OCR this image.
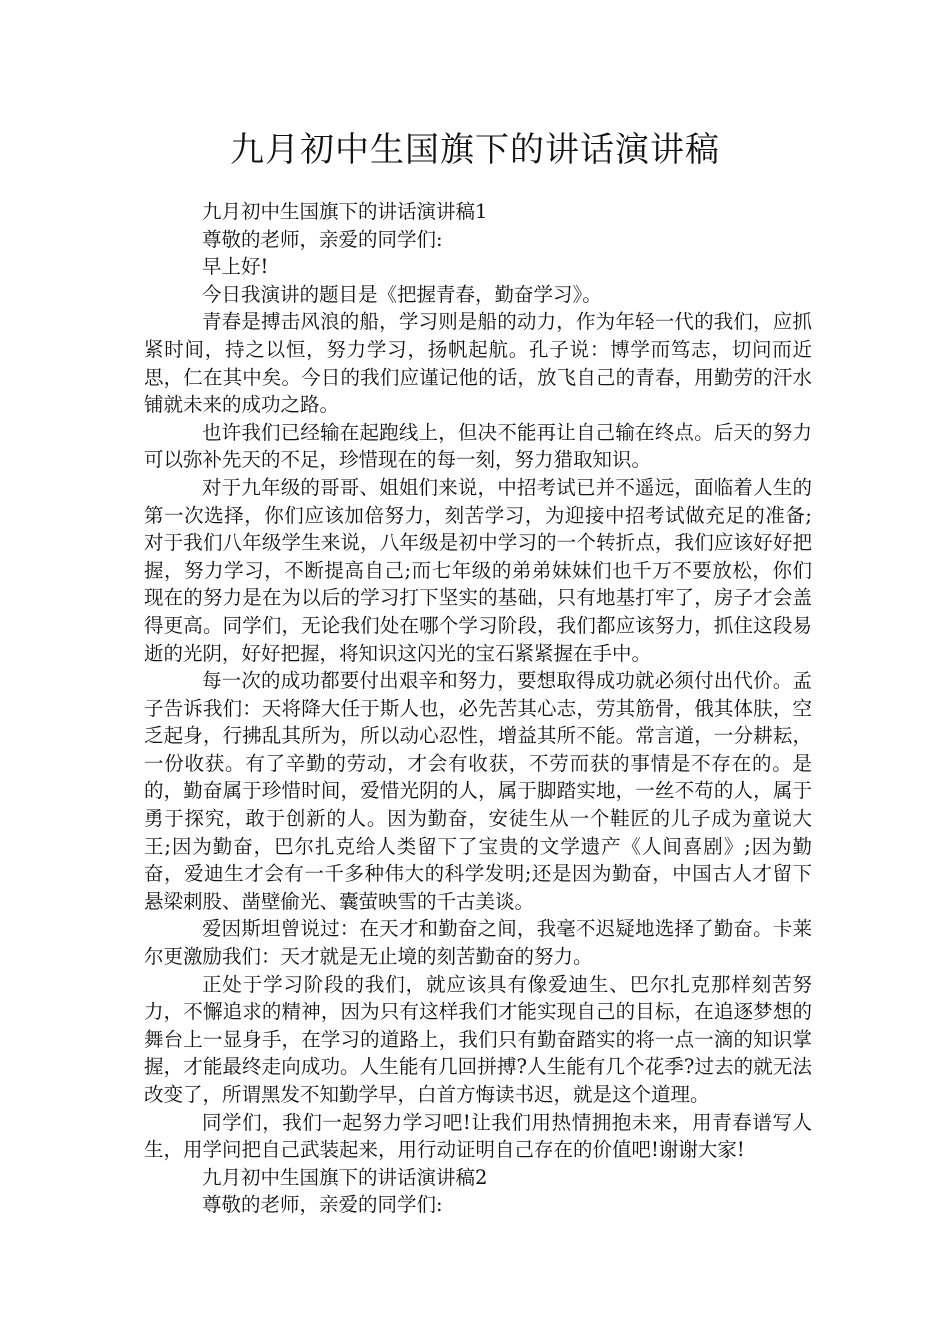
九月初中生国旗下的讲话演讲稿

九月初中生国旗下的讲话演讲稿1

尊敬的老师，亲爱的同学们:

早上好!

今日我演讲的题目是《把握青春，勤奋学习》。

青春是搏击风浪的船，学习则是船的动力，作为年轻一代的我们，应抓紧时间，持之以恒，努力学习，扬帆起航。孔子说：博学而笃志，切问而近思，仁在其中矣。今日的我们应谨记他的话，放飞自己的青春，用勤劳的汗水铺就未来的成功之路。

也许我们已经输在起跑线上，但决不能再让自己输在终点。后天的努力可以弥补先天的不足，珍惜现在的每一刻，努力猎取知识。

对于九年级的哥哥、姐姐们来说，中招考试已并不遥远，面临着人生的第一次选择，你们应该加倍努力，刻苦学习，为迎接中招考试做充足的准备;对于我们八年级学生来说，八年级是初中学习的一个转折点，我们应该好好把握，努力学习，不断提高自己;而七年级的弟弟妹妹们也千万不要放松，你们现在的努力是在为以后的学习打下坚实的基础，只有地基打牢了，房子才会盖得更高。同学们，无论我们处在哪个学习阶段，我们都应该努力，抓住这段易逝的光阴，好好把握，将知识这闪光的宝石紧紧握在手中。

每一次的成功都要付出艰辛和努力，要想取得成功就必须付出代价。孟子告诉我们：天将降大任于斯人也，必先苦其心志，劳其筋骨，俄其体肤，空乏起身，行拂乱其所为，所以动心忍性，增益其所不能。常言道，一分耕耘，一份收获。有了辛勤的劳动，才会有收获，不劳而获的事情是不存在的。是的，勤奋属于珍惜时间，爱惜光阴的人，属于脚踏实地，一丝不苟的人，属于勇于探究，敢于创新的人。因为勤奋，安徒生从一个鞋匠的儿子成为童说大王;因为勤奋，巴尔扎克给人类留下了宝贵的文学遗产《人间喜剧》;因为勤奋，爱迪生才会有一千多种伟大的科学发明;还是因为勤奋，中国古人才留下悬梁刺股、凿壁偷光、囊萤映雪的千古美谈。

爱因斯坦曾说过：在天才和勤奋之间，我毫不迟疑地选择了勤奋。卡莱尔更激励我们：天才就是无止境的刻苦勤奋的努力。

正处于学习阶段的我们，就应该具有像爱迪生、巴尔扎克那样刻苦努力，不懈追求的精神，因为只有这样我们才能实现自己的目标，在追逐梦想的舞台上一显身手，在学习的道路上，我们只有勤奋踏实的将一点一滴的知识掌握，才能最终走向成功。人生能有几回拼搏?人生能有几个花季?过去的就无法改变了，所谓黑发不知勤学早，白首方悔读书迟，就是这个道理。

同学们，我们一起努力学习吧!让我们用热情拥抱未来，用青春谱写人生，用学问把自己武装起来，用行动证明自己存在的价值吧!谢谢大家!

九月初中生国旗下的讲话演讲稿2

尊敬的老师，亲爱的同学们:
